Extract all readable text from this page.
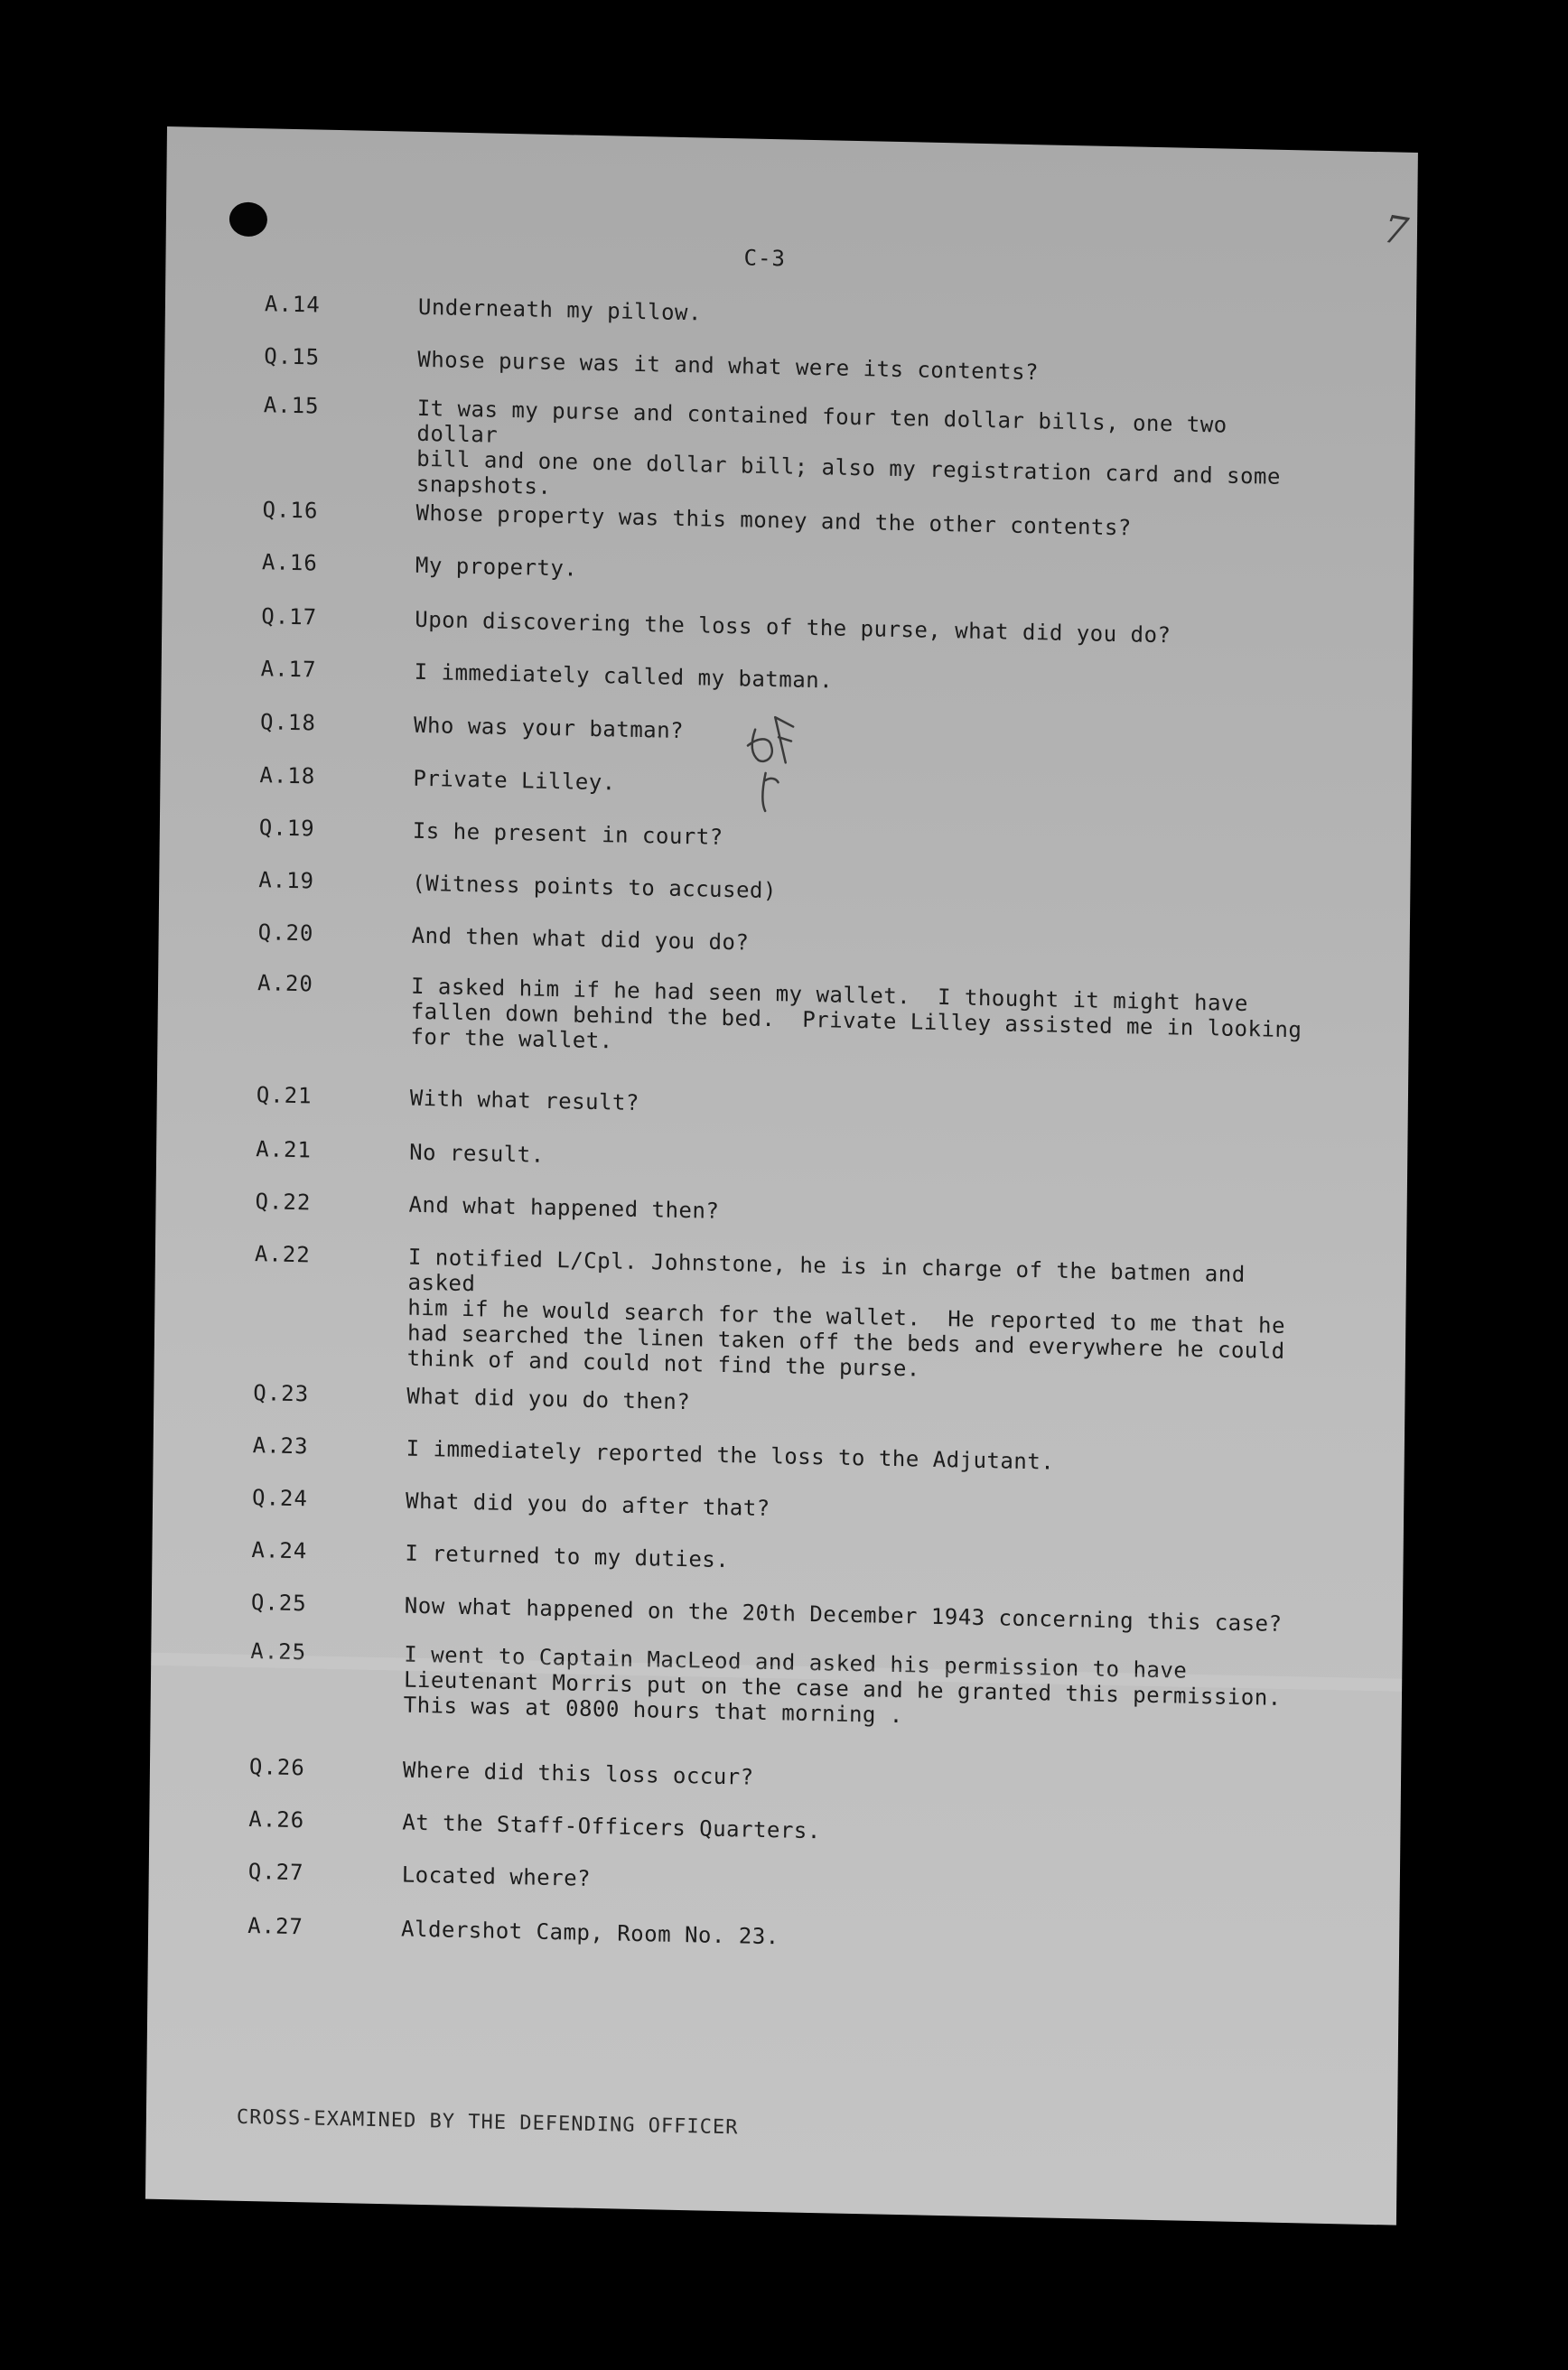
7
C-3
A.14	Underneath my pillow.
Q.15	Whose purse was it and what were its contents?
A.15	It was my purse and contained four ten dollar bills, one two dollar
bill and one one dollar bill; also my registration card and some
snapshots.
Q.16	Whose property was this money and the other contents?
A.16	My property.
Q.17	Upon discovering the loss of the purse, what did you do?
A.17	I immediately called my batman.
Q.18	Who was your batman?
A.18	Private Lilley.
Q.19	Is he present in court?
A.19	(Witness points to accused)
Q.20	And then what did you do?
A.20	I asked him if he had seen my wallet.  I thought it might have
fallen down behind the bed.  Private Lilley assisted me in looking
for the wallet.
Q.21	With what result?
A.21	No result.
Q.22	And what happened then?
A.22	I notified L/Cpl. Johnstone, he is in charge of the batmen and asked
him if he would search for the wallet.  He reported to me that he
had searched the linen taken off the beds and everywhere he could
think of and could not find the purse.
Q.23	What did you do then?
A.23	I immediately reported the loss to the Adjutant.
Q.24	What did you do after that?
A.24	I returned to my duties.
Q.25	Now what happened on the 20th December 1943 concerning this case?
A.25	I went to Captain MacLeod and asked his permission to have
Lieutenant Morris put on the case and he granted this permission.
This was at 0800 hours that morning .
Q.26	Where did this loss occur?
A.26	At the Staff-Officers Quarters.
Q.27	Located where?
A.27	Aldershot Camp, Room No. 23.
CROSS-EXAMINED BY THE DEFENDING OFFICER
